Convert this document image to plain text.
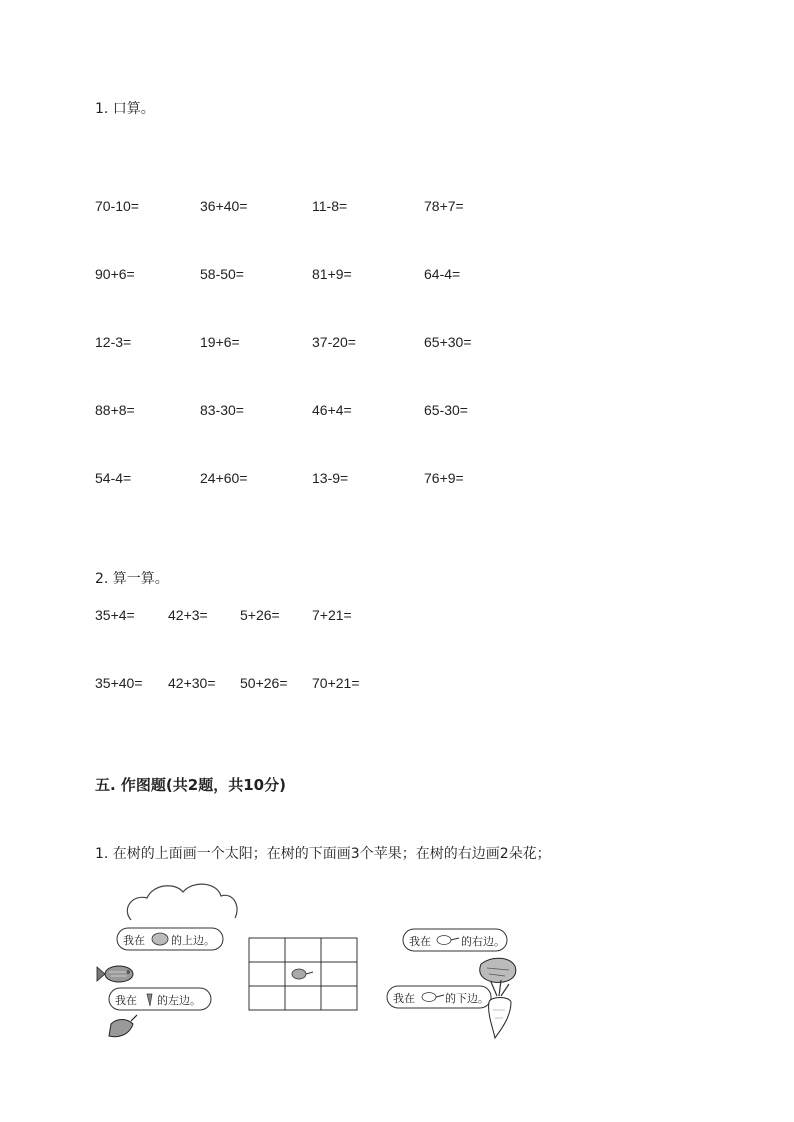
1. 口算。
70-10=	36+40=	11-8=	78+7=
90+6=	58-50=	81+9=	64-4=
12-3=	19+6=	37-20=	65+30=
88+8=	83-30=	46+4=	65-30=
54-4=	24+60=	13-9=	76+9=
2. 算一算。
35+4= 42+3= 5+26= 7+21=
35+40= 42+30= 50+26= 70+21=
五. 作图题(共2题，共10分)
1. 在树的上面画一个太阳；在树的下面画3个苹果；在树的右边画2朵花；
我在 的上边。
我在 的左边。
我在	的右边。
我在	的下边。
